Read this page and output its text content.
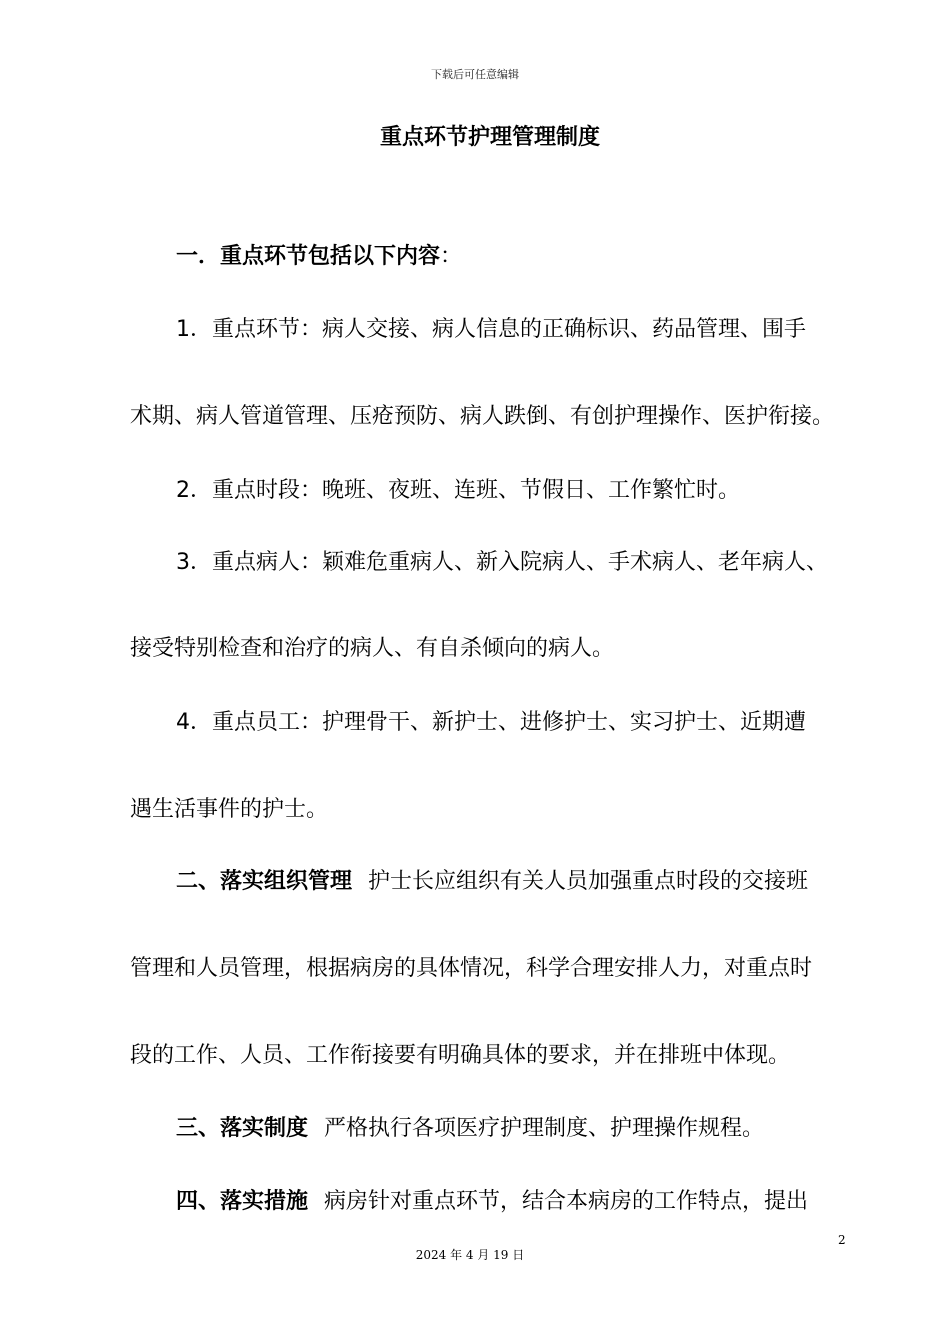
下载后可任意编辑
重点环节护理管理制度
一．重点环节包括以下内容：
1．重点环节：病人交接、病人信息的正确标识、药品管理、围手
术期、病人管道管理、压疮预防、病人跌倒、有创护理操作、医护衔接。
2．重点时段：晚班、夜班、连班、节假日、工作繁忙时。
3．重点病人：颖难危重病人、新入院病人、手术病人、老年病人、
接受特别检查和治疗的病人、有自杀倾向的病人。
4．重点员工：护理骨干、新护士、进修护士、实习护士、近期遭
遇生活事件的护士。
二、落实组织管理 护士长应组织有关人员加强重点时段的交接班
管理和人员管理，根据病房的具体情况，科学合理安排人力，对重点时
段的工作、人员、工作衔接要有明确具体的要求，并在排班中体现。
三、落实制度 严格执行各项医疗护理制度、护理操作规程。
四、落实措施 病房针对重点环节，结合本病房的工作特点，提出
2
2024 年 4 月 19 日
